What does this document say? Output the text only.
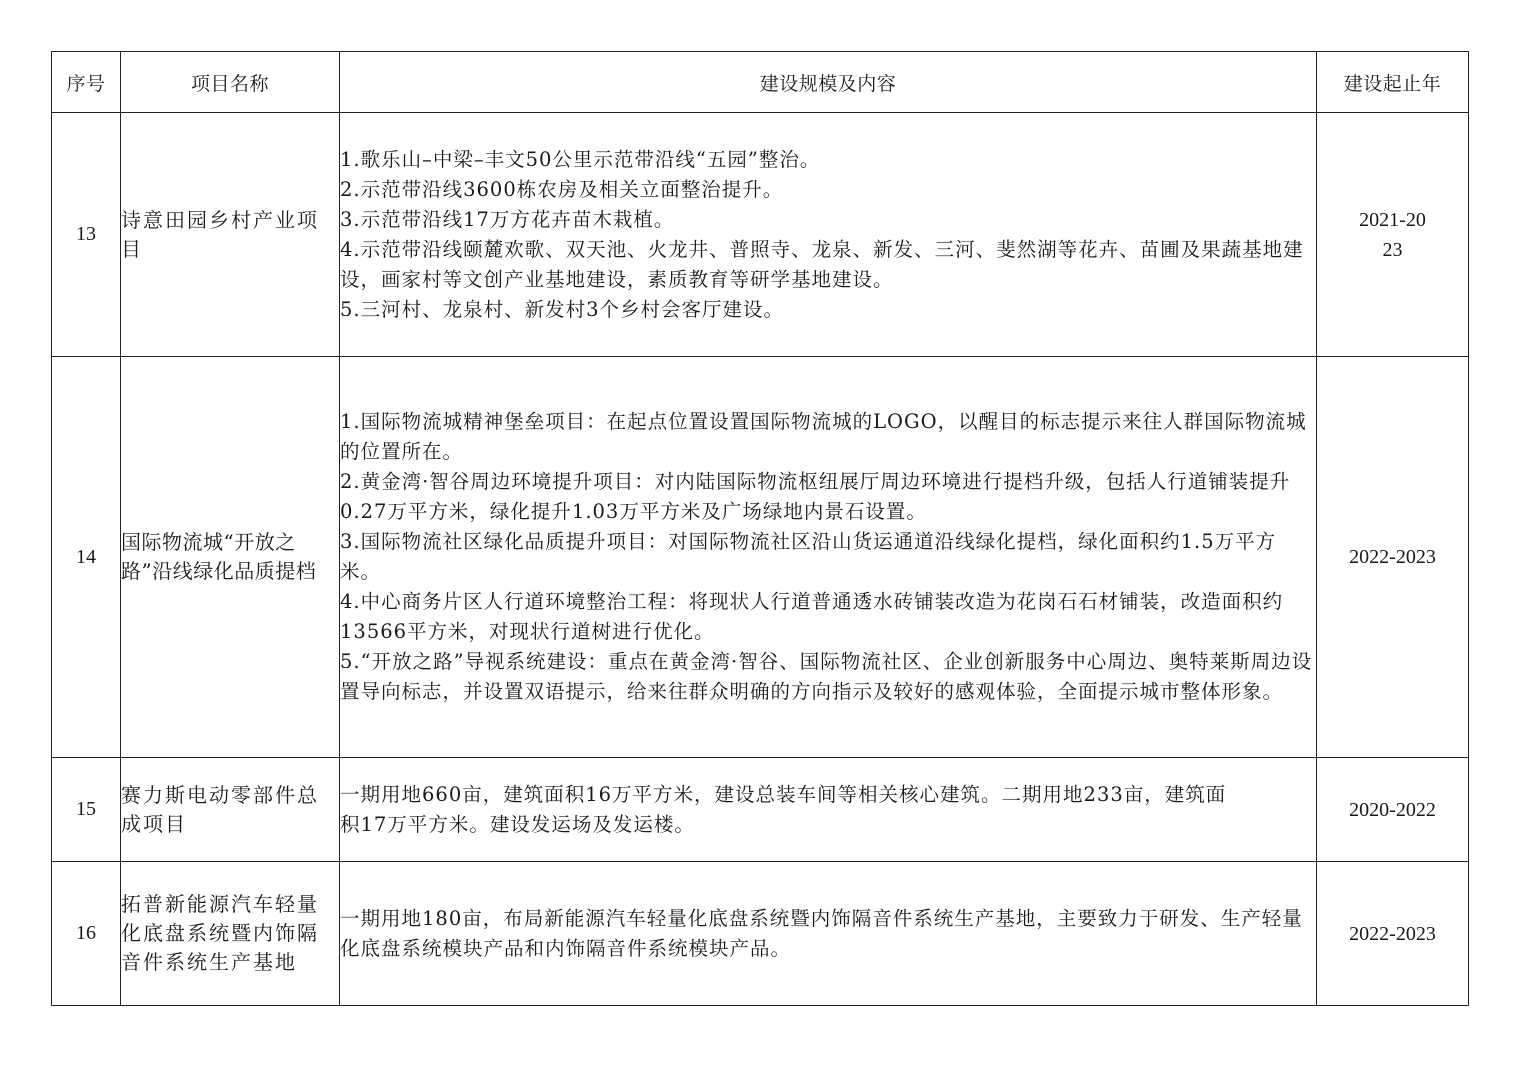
序号	项目名称	建设规模及内容	建设起止年
13	诗意田园乡村产业项目	1.歌乐山–中梁–丰文50公里示范带沿线“五园”整治。
2.示范带沿线3600栋农房及相关立面整治提升。
3.示范带沿线17万方花卉苗木栽植。
4.示范带沿线颐麓欢歌、双天池、火龙井、普照寺、龙泉、新发、三河、斐然湖等花卉、苗圃及果蔬基地建设，画家村等文创产业基地建设，素质教育等研学基地建设。
5.三河村、龙泉村、新发村3个乡村会客厅建设。	2021-2023
14	国际物流城“开放之路”沿线绿化品质提档	1.国际物流城精神堡垒项目：在起点位置设置国际物流城的LOGO，以醒目的标志提示来往人群国际物流城的位置所在。
2.黄金湾·智谷周边环境提升项目：对内陆国际物流枢纽展厅周边环境进行提档升级，包括人行道铺装提升0.27万平方米，绿化提升1.03万平方米及广场绿地内景石设置。
3.国际物流社区绿化品质提升项目：对国际物流社区沿山货运通道沿线绿化提档，绿化面积约1.5万平方米。
4.中心商务片区人行道环境整治工程：将现状人行道普通透水砖铺装改造为花岗石石材铺装，改造面积约13566平方米，对现状行道树进行优化。
5.“开放之路”导视系统建设：重点在黄金湾·智谷、国际物流社区、企业创新服务中心周边、奥特莱斯周边设置导向标志，并设置双语提示，给来往群众明确的方向指示及较好的感观体验，全面提示城市整体形象。	2022-2023
15	赛力斯电动零部件总成项目	一期用地660亩，建筑面积16万平方米，建设总装车间等相关核心建筑。二期用地233亩，建筑面积17万平方米。建设发运场及发运楼。	2020-2022
16	拓普新能源汽车轻量化底盘系统暨内饰隔音件系统生产基地	一期用地180亩，布局新能源汽车轻量化底盘系统暨内饰隔音件系统生产基地，主要致力于研发、生产轻量化底盘系统模块产品和内饰隔音件系统模块产品。	2022-2023
